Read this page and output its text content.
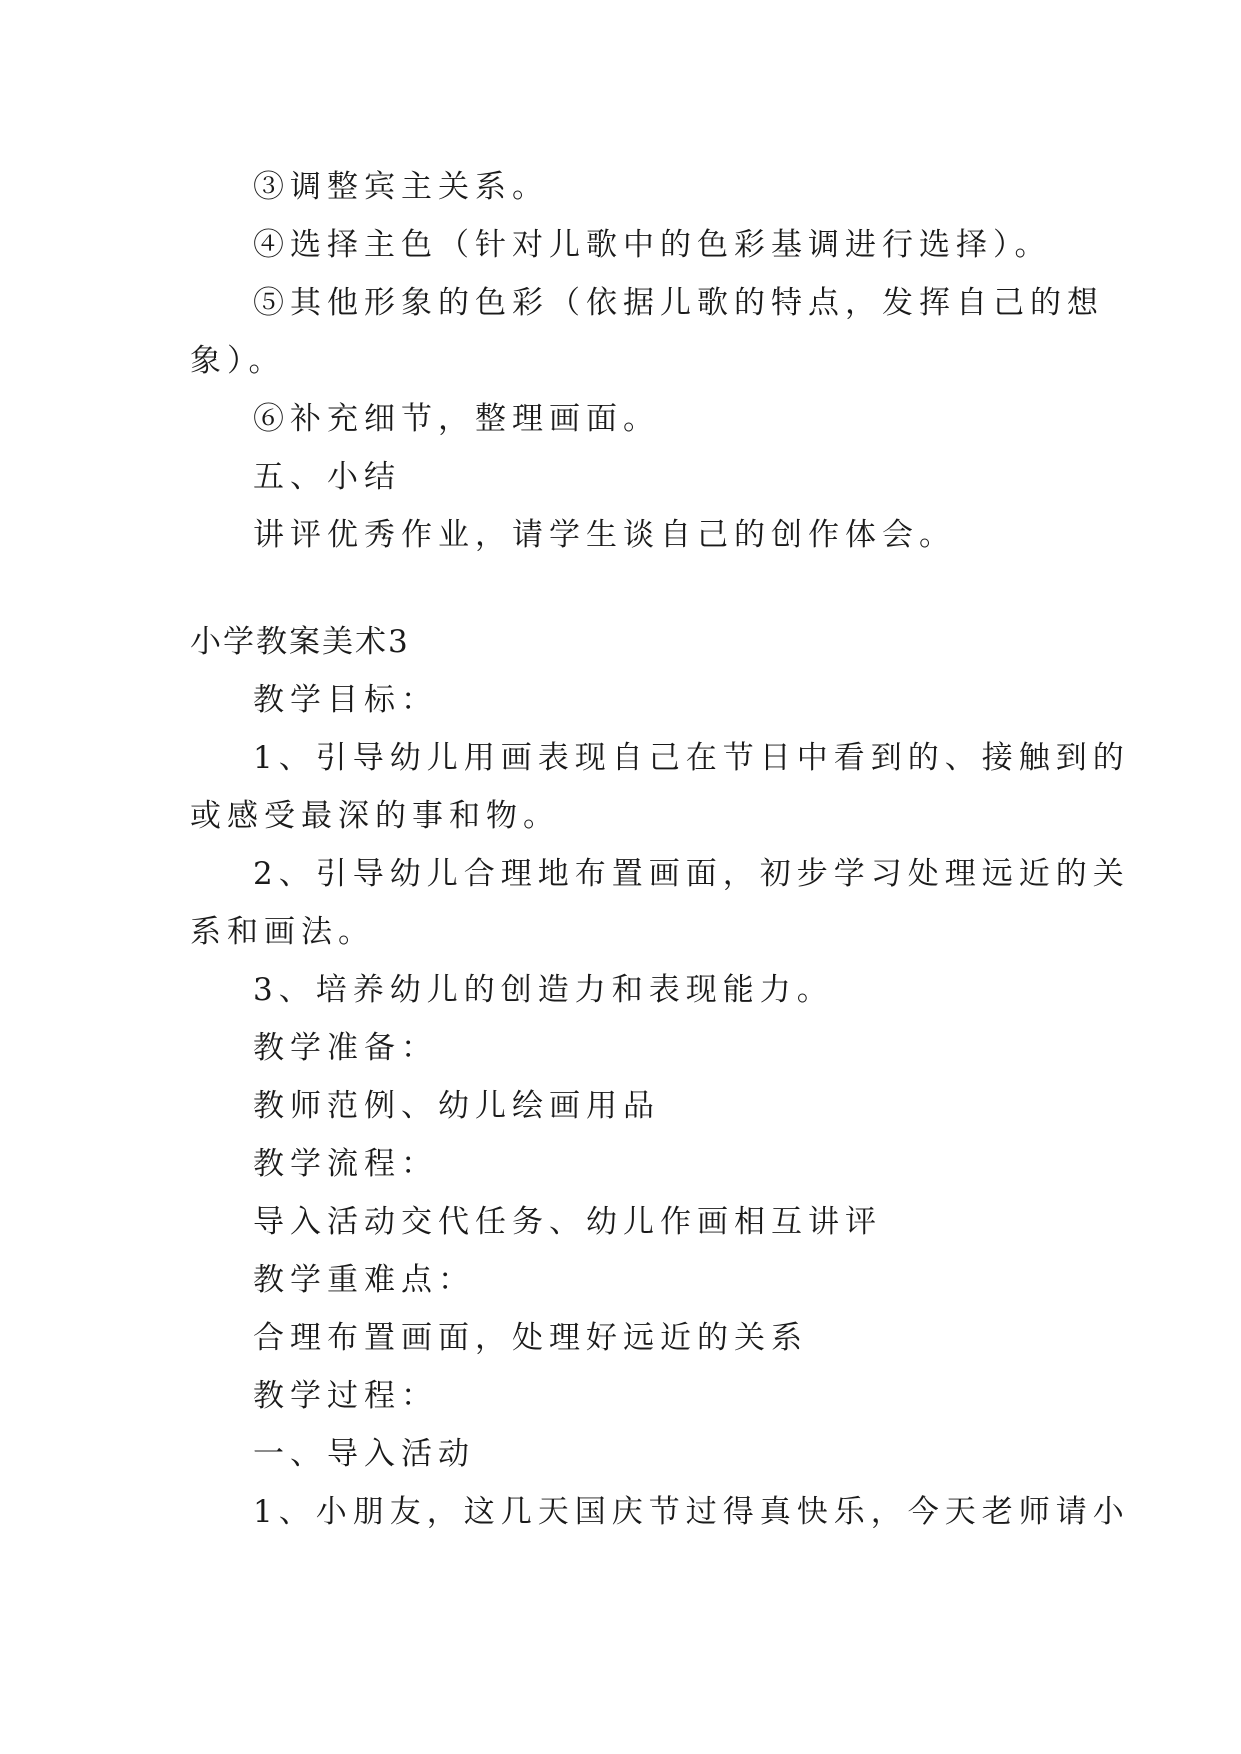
③调整宾主关系。
④选择主色（针对儿歌中的色彩基调进行选择）。
⑤其他形象的色彩（依据儿歌的特点，发挥自己的想
象）。
⑥补充细节，整理画面。
五、小结
讲评优秀作业，请学生谈自己的创作体会。
小学教案美术3
教学目标：
1、引导幼儿用画表现自己在节日中看到的、接触到的
或感受最深的事和物。
2、引导幼儿合理地布置画面，初步学习处理远近的关
系和画法。
3、培养幼儿的创造力和表现能力。
教学准备：
教师范例、幼儿绘画用品
教学流程：
导入活动交代任务、幼儿作画相互讲评
教学重难点：
合理布置画面，处理好远近的关系
教学过程：
一、导入活动
1、小朋友，这几天国庆节过得真快乐，今天老师请小
